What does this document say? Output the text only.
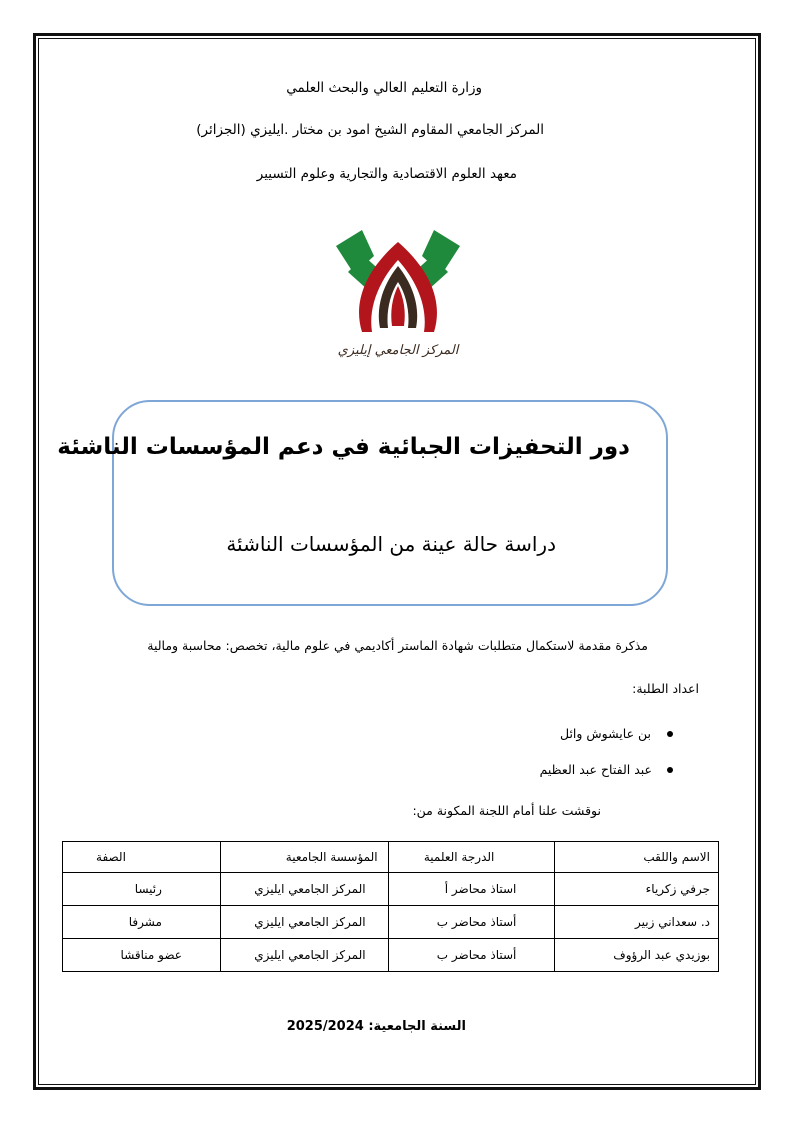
وزارة التعليم العالي والبحث العلمي
المركز الجامعي المقاوم الشيخ امود بن مختار .ايليزي (الجزائر)
معهد العلوم الاقتصادية والتجارية وعلوم التسيير
المركز الجامعي إيليزي
دور التحفيزات الجبائية في دعم المؤسسات الناشئة
دراسة حالة عينة من المؤسسات الناشئة
مذكرة مقدمة لاستكمال متطلبات شهادة الماستر أكاديمي في علوم مالية، تخصص: محاسبة ومالية
اعداد الطلبة:
بن عايشوش وائل
عبد الفتاح عبد العظيم
نوقشت علنا أمام اللجنة المكونة من:
الاسم واللقب	الدرجة العلمية	المؤسسة الجامعية	الصفة
جرفي زكرياء	استاذ محاضر أ	المركز الجامعي ايليزي	رئيسا
د. سعداني زبير	أستاذ محاضر ب	المركز الجامعي ايليزي	مشرفا
بوزيدي عبد الرؤوف	أستاذ محاضر ب	المركز الجامعي ايليزي	عضو مناقشا
السنة الجامعية: 2025/2024
